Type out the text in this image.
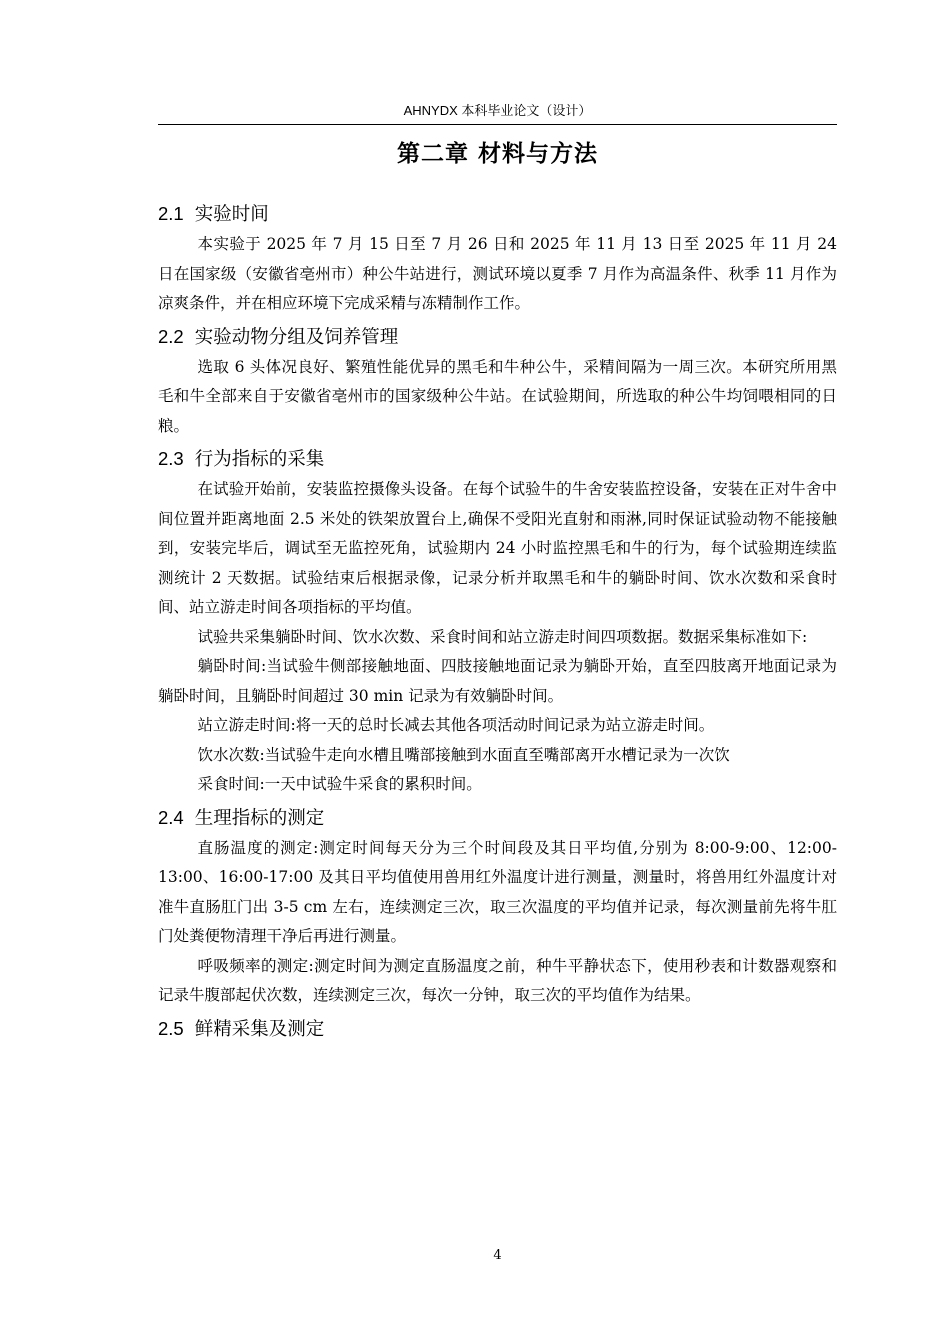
AHNYDX 本科毕业论文（设计）
第二章 材料与方法
2.1 实验时间

本实验于 2025 年 7 月 15 日至 7 月 26 日和 2025 年 11 月 13 日至 2025 年 11 月 24 日在国家级（安徽省亳州市）种公牛站进行，测试环境以夏季 7 月作为高温条件、秋季 11 月作为凉爽条件，并在相应环境下完成采精与冻精制作工作。

2.2 实验动物分组及饲养管理

选取 6 头体况良好、繁殖性能优异的黑毛和牛种公牛，采精间隔为一周三次。本研究所用黑毛和牛全部来自于安徽省亳州市的国家级种公牛站。在试验期间，所选取的种公牛均饲喂相同的日粮。

2.3 行为指标的采集

在试验开始前，安装监控摄像头设备。在每个试验牛的牛舍安装监控设备，安装在正对牛舍中间位置并距离地面 2.5 米处的铁架放置台上,确保不受阳光直射和雨淋,同时保证试验动物不能接触到，安装完毕后，调试至无监控死角，试验期内 24 小时监控黑毛和牛的行为，每个试验期连续监测统计 2 天数据。试验结束后根据录像，记录分析并取黑毛和牛的躺卧时间、饮水次数和采食时间、站立游走时间各项指标的平均值。

试验共采集躺卧时间、饮水次数、采食时间和站立游走时间四项数据。数据采集标准如下:

躺卧时间:当试验牛侧部接触地面、四肢接触地面记录为躺卧开始，直至四肢离开地面记录为躺卧时间，且躺卧时间超过 30 min 记录为有效躺卧时间。

站立游走时间:将一天的总时长减去其他各项活动时间记录为站立游走时间。

饮水次数:当试验牛走向水槽且嘴部接触到水面直至嘴部离开水槽记录为一次饮

采食时间:一天中试验牛采食的累积时间。

2.4 生理指标的测定

直肠温度的测定:测定时间每天分为三个时间段及其日平均值,分别为 8:00-9:00、12:00-13:00、16:00-17:00 及其日平均值使用兽用红外温度计进行测量，测量时，将兽用红外温度计对准牛直肠肛门出 3-5 cm 左右，连续测定三次，取三次温度的平均值并记录，每次测量前先将牛肛门处粪便物清理干净后再进行测量。

呼吸频率的测定:测定时间为测定直肠温度之前，种牛平静状态下，使用秒表和计数器观察和记录牛腹部起伏次数，连续测定三次，每次一分钟，取三次的平均值作为结果。

2.5 鲜精采集及测定
4
